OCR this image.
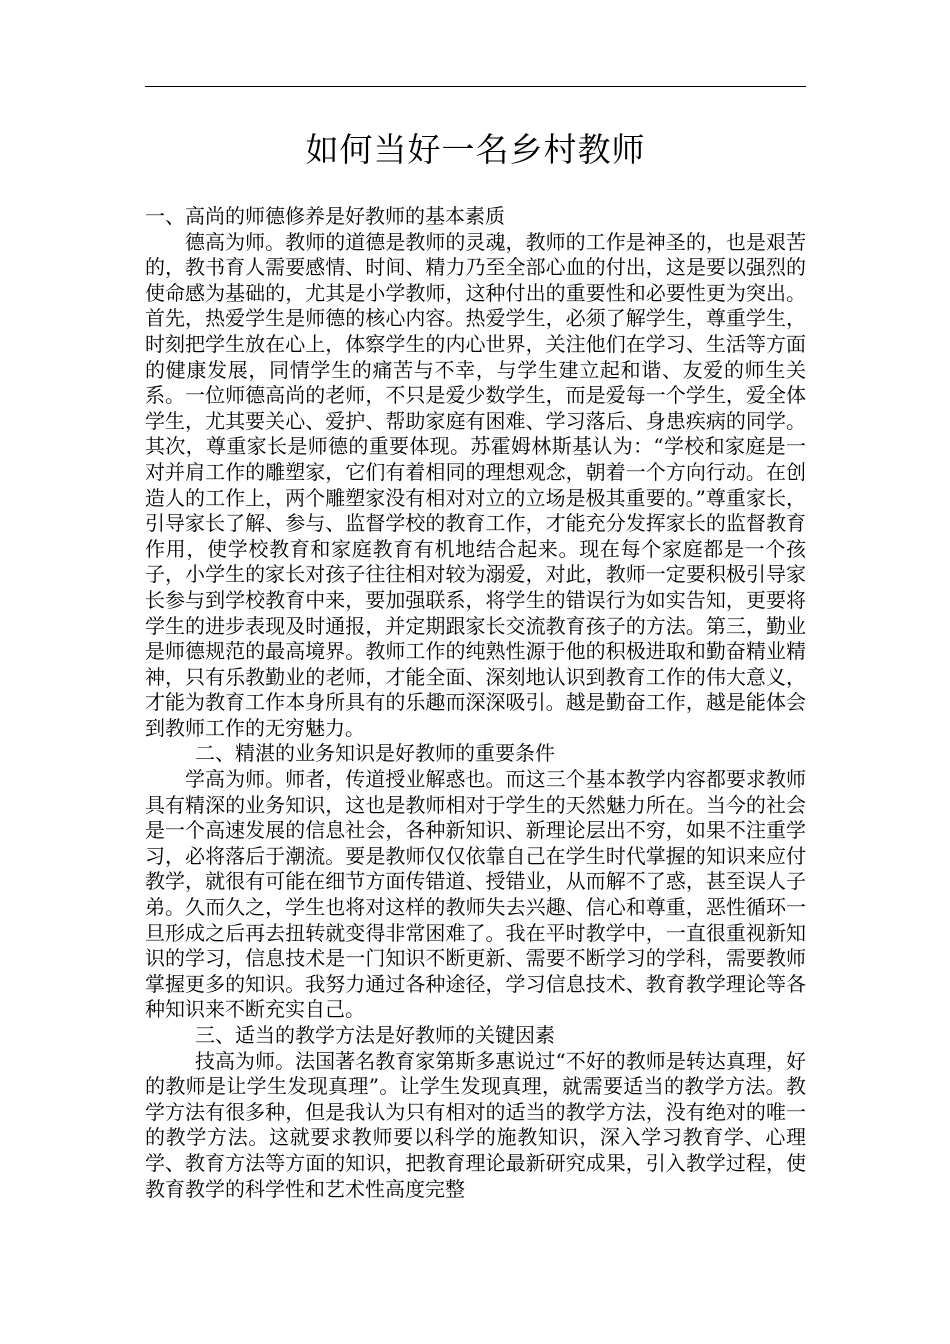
如何当好一名乡村教师

一、高尚的师德修养是好教师的基本素质

德高为师。教师的道德是教师的灵魂，教师的工作是神圣的，也是艰苦的，教书育人需要感情、时间、精力乃至全部心血的付出，这是要以强烈的使命感为基础的，尤其是小学教师，这种付出的重要性和必要性更为突出。首先，热爱学生是师德的核心内容。热爱学生，必须了解学生，尊重学生，时刻把学生放在心上，体察学生的内心世界，关注他们在学习、生活等方面的健康发展，同情学生的痛苦与不幸，与学生建立起和谐、友爱的师生关系。一位师德高尚的老师，不只是爱少数学生，而是爱每一个学生，爱全体学生，尤其要关心、爱护、帮助家庭有困难、学习落后、身患疾病的同学。其次，尊重家长是师德的重要体现。苏霍姆林斯基认为：“学校和家庭是一对并肩工作的雕塑家，它们有着相同的理想观念，朝着一个方向行动。在创造人的工作上，两个雕塑家没有相对对立的立场是极其重要的。”尊重家长，引导家长了解、参与、监督学校的教育工作，才能充分发挥家长的监督教育作用，使学校教育和家庭教育有机地结合起来。现在每个家庭都是一个孩子，小学生的家长对孩子往往相对较为溺爱，对此，教师一定要积极引导家长参与到学校教育中来，要加强联系，将学生的错误行为如实告知，更要将学生的进步表现及时通报，并定期跟家长交流教育孩子的方法。第三，勤业是师德规范的最高境界。教师工作的纯熟性源于他的积极进取和勤奋精业精神，只有乐教勤业的老师，才能全面、深刻地认识到教育工作的伟大意义，才能为教育工作本身所具有的乐趣而深深吸引。越是勤奋工作，越是能体会到教师工作的无穷魅力。

二、精湛的业务知识是好教师的重要条件

学高为师。师者，传道授业解惑也。而这三个基本教学内容都要求教师具有精深的业务知识，这也是教师相对于学生的天然魅力所在。当今的社会是一个高速发展的信息社会，各种新知识、新理论层出不穷，如果不注重学习，必将落后于潮流。要是教师仅仅依靠自己在学生时代掌握的知识来应付教学，就很有可能在细节方面传错道、授错业，从而解不了惑，甚至误人子弟。久而久之，学生也将对这样的教师失去兴趣、信心和尊重，恶性循环一旦形成之后再去扭转就变得非常困难了。我在平时教学中，一直很重视新知识的学习，信息技术是一门知识不断更新、需要不断学习的学科，需要教师掌握更多的知识。我努力通过各种途径，学习信息技术、教育教学理论等各种知识来不断充实自己。

三、适当的教学方法是好教师的关键因素

技高为师。法国著名教育家第斯多惠说过“不好的教师是转达真理，好的教师是让学生发现真理”。让学生发现真理，就需要适当的教学方法。教学方法有很多种，但是我认为只有相对的适当的教学方法，没有绝对的唯一的教学方法。这就要求教师要以科学的施教知识，深入学习教育学、心理学、教育方法等方面的知识，把教育理论最新研究成果，引入教学过程，使教育教学的科学性和艺术性高度完整
